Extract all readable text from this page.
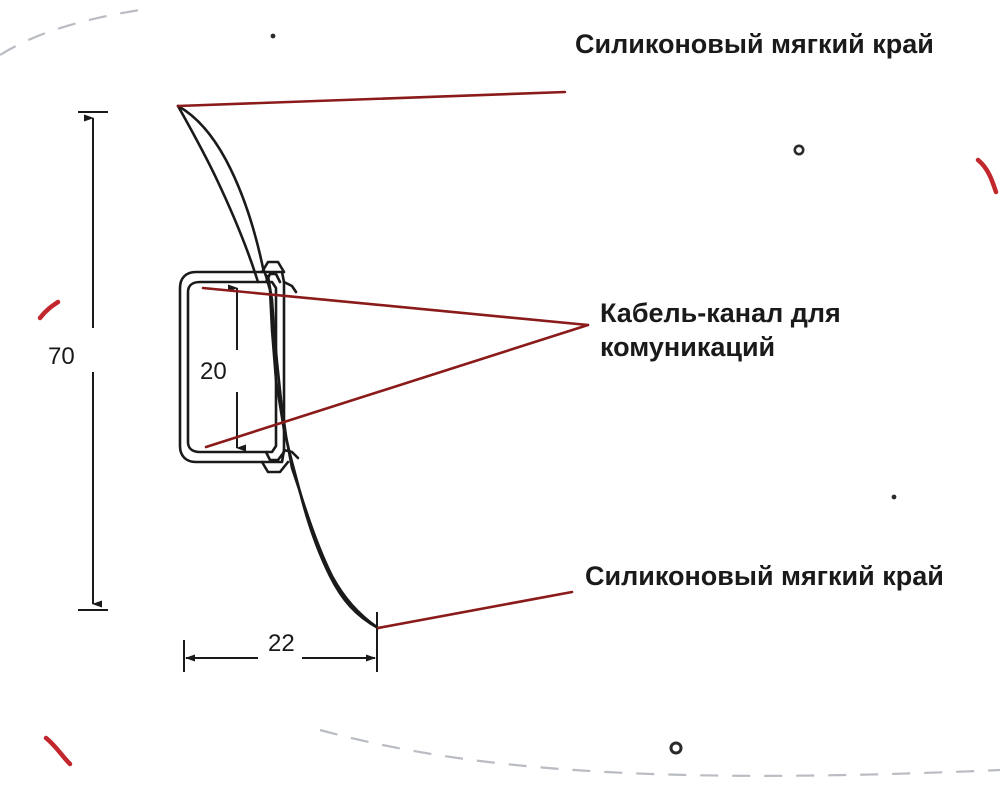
Силиконовый мягкий край
Кабель-канал для комуникаций
Силиконовый мягкий край
70
20
22
